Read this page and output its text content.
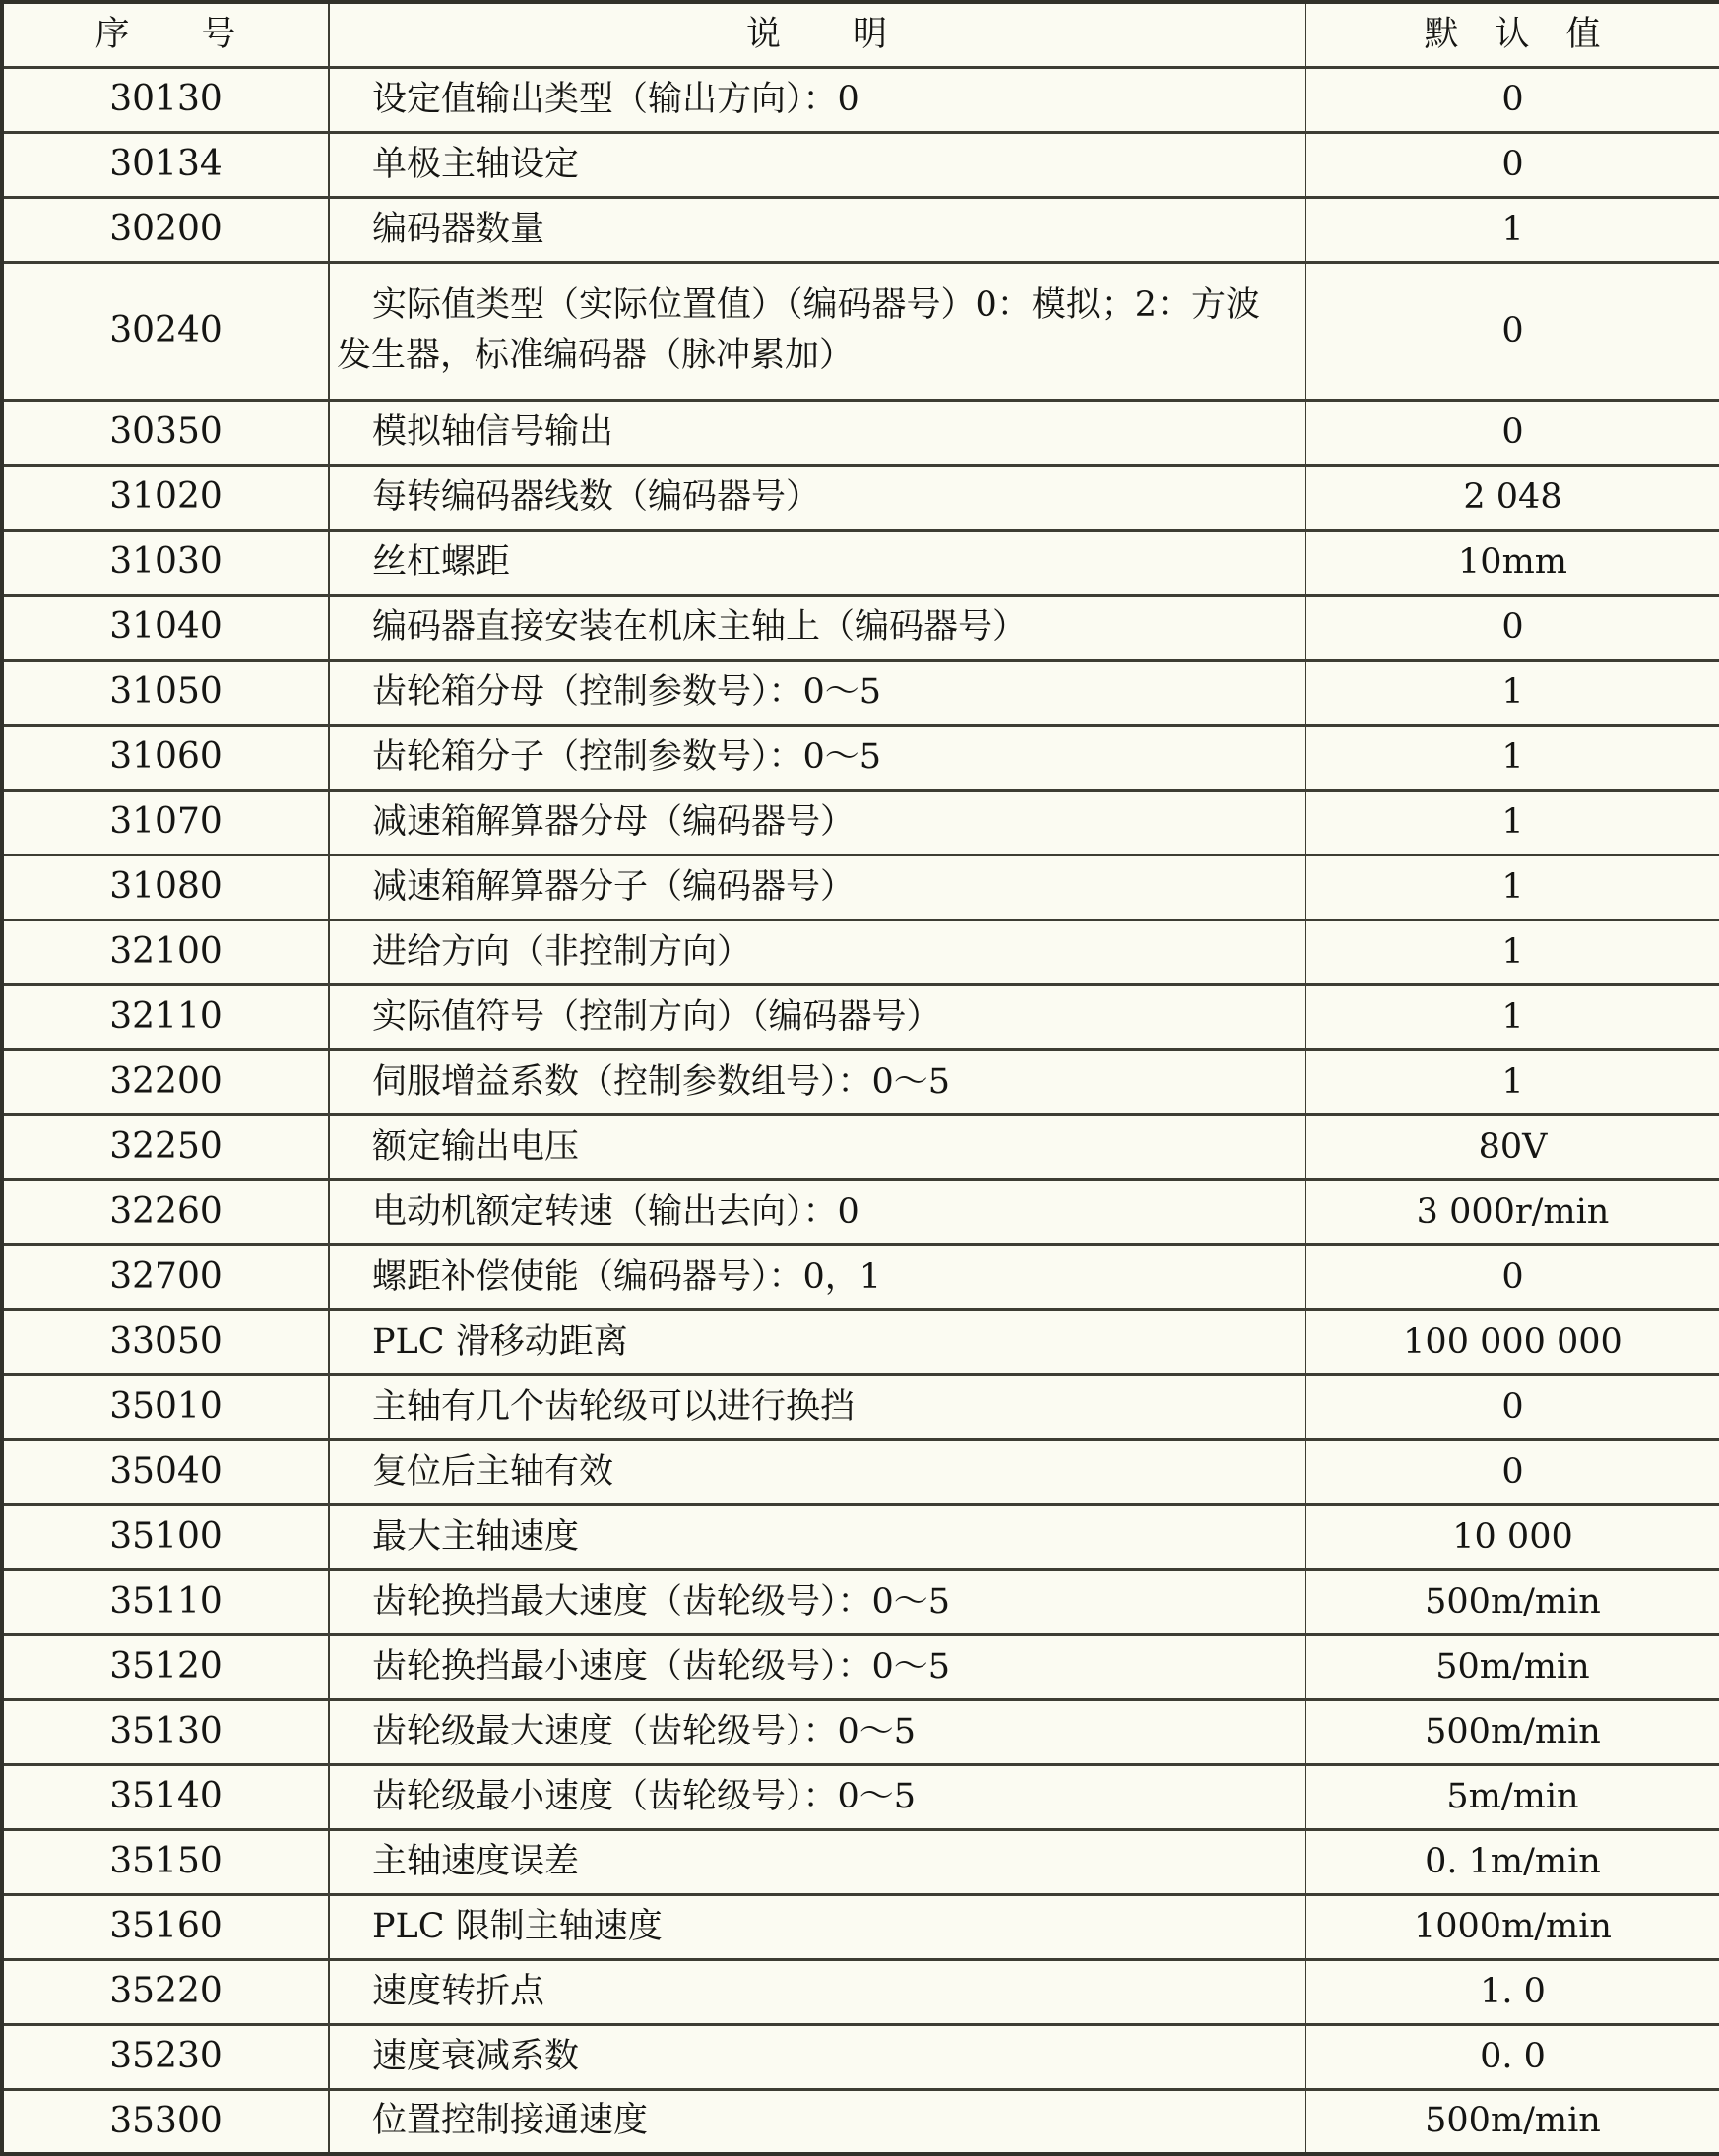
序　　号	说　　明	默　认　值
30130	设定值输出类型（输出方向）：0	0
30134	单极主轴设定	0
30200	编码器数量	1
30240	实际值类型（实际位置值）（编码器号）0：模拟；2：方波发生器，标准编码器（脉冲累加）	0
30350	模拟轴信号输出	0
31020	每转编码器线数（编码器号）	2 048
31030	丝杠螺距	10mm
31040	编码器直接安装在机床主轴上（编码器号）	0
31050	齿轮箱分母（控制参数号）：0～5	1
31060	齿轮箱分子（控制参数号）：0～5	1
31070	减速箱解算器分母（编码器号）	1
31080	减速箱解算器分子（编码器号）	1
32100	进给方向（非控制方向）	1
32110	实际值符号（控制方向）（编码器号）	1
32200	伺服增益系数（控制参数组号）：0～5	1
32250	额定输出电压	80V
32260	电动机额定转速（输出去向）：0	3 000r/min
32700	螺距补偿使能（编码器号）：0，1	0
33050	PLC 滑移动距离	100 000 000
35010	主轴有几个齿轮级可以进行换挡	0
35040	复位后主轴有效	0
35100	最大主轴速度	10 000
35110	齿轮换挡最大速度（齿轮级号）：0～5	500m/min
35120	齿轮换挡最小速度（齿轮级号）：0～5	50m/min
35130	齿轮级最大速度（齿轮级号）：0～5	500m/min
35140	齿轮级最小速度（齿轮级号）：0～5	5m/min
35150	主轴速度误差	0. 1m/min
35160	PLC 限制主轴速度	1000m/min
35220	速度转折点	1. 0
35230	速度衰减系数	0. 0
35300	位置控制接通速度	500m/min
